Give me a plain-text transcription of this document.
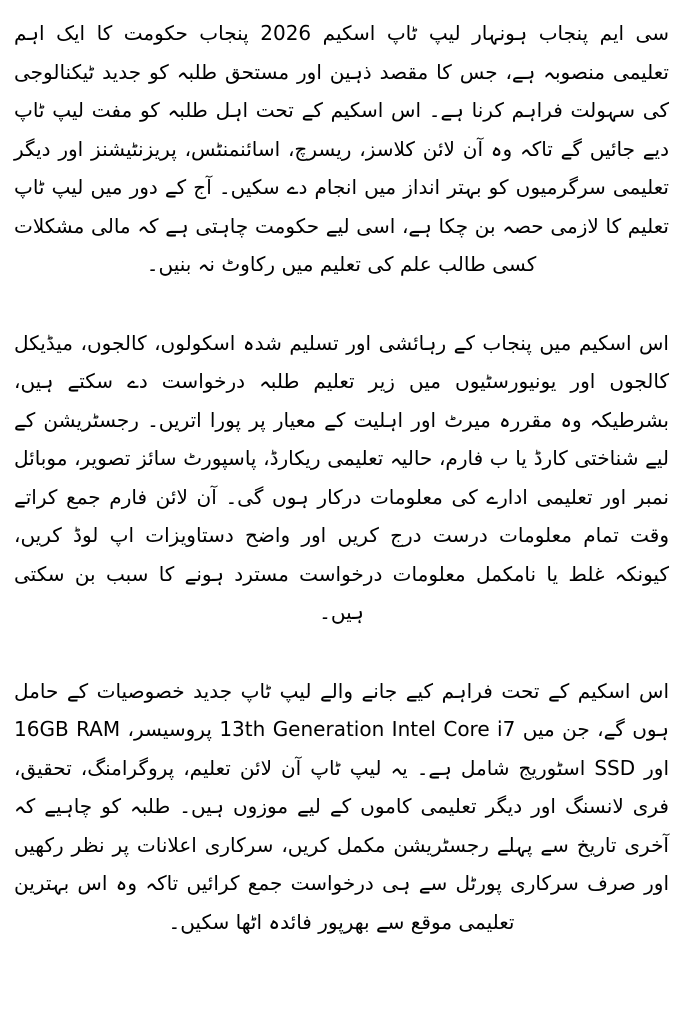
سی ایم پنجاب ہونہار لیپ ٹاپ اسکیم 2026 پنجاب حکومت کا ایک اہم تعلیمی منصوبہ ہے، جس کا مقصد ذہین اور مستحق طلبہ کو جدید ٹیکنالوجی کی سہولت فراہم کرنا ہے۔ اس اسکیم کے تحت اہل طلبہ کو مفت لیپ ٹاپ دیے جائیں گے تاکہ وہ آن لائن کلاسز، ریسرچ، اسائنمنٹس، پریزنٹیشنز اور دیگر تعلیمی سرگرمیوں کو بہتر انداز میں انجام دے سکیں۔ آج کے دور میں لیپ ٹاپ تعلیم کا لازمی حصہ بن چکا ہے، اسی لیے حکومت چاہتی ہے کہ مالی مشکلات کسی طالب علم کی تعلیم میں رکاوٹ نہ بنیں۔

اس اسکیم میں پنجاب کے رہائشی اور تسلیم شدہ اسکولوں، کالجوں، میڈیکل کالجوں اور یونیورسٹیوں میں زیر تعلیم طلبہ درخواست دے سکتے ہیں، بشرطیکہ وہ مقررہ میرٹ اور اہلیت کے معیار پر پورا اتریں۔ رجسٹریشن کے لیے شناختی کارڈ یا ب فارم، حالیہ تعلیمی ریکارڈ، پاسپورٹ سائز تصویر، موبائل نمبر اور تعلیمی ادارے کی معلومات درکار ہوں گی۔ آن لائن فارم جمع کراتے وقت تمام معلومات درست درج کریں اور واضح دستاویزات اپ لوڈ کریں، کیونکہ غلط یا نامکمل معلومات درخواست مسترد ہونے کا سبب بن سکتی ہیں۔

اس اسکیم کے تحت فراہم کیے جانے والے لیپ ٹاپ جدید خصوصیات کے حامل ہوں گے، جن میں 13th Generation Intel Core i7 پروسیسر، 16GB RAM اور SSD اسٹوریج شامل ہے۔ یہ لیپ ٹاپ آن لائن تعلیم، پروگرامنگ، تحقیق، فری لانسنگ اور دیگر تعلیمی کاموں کے لیے موزوں ہیں۔ طلبہ کو چاہیے کہ آخری تاریخ سے پہلے رجسٹریشن مکمل کریں، سرکاری اعلانات پر نظر رکھیں اور صرف سرکاری پورٹل سے ہی درخواست جمع کرائیں تاکہ وہ اس بہترین تعلیمی موقع سے بھرپور فائدہ اٹھا سکیں۔
